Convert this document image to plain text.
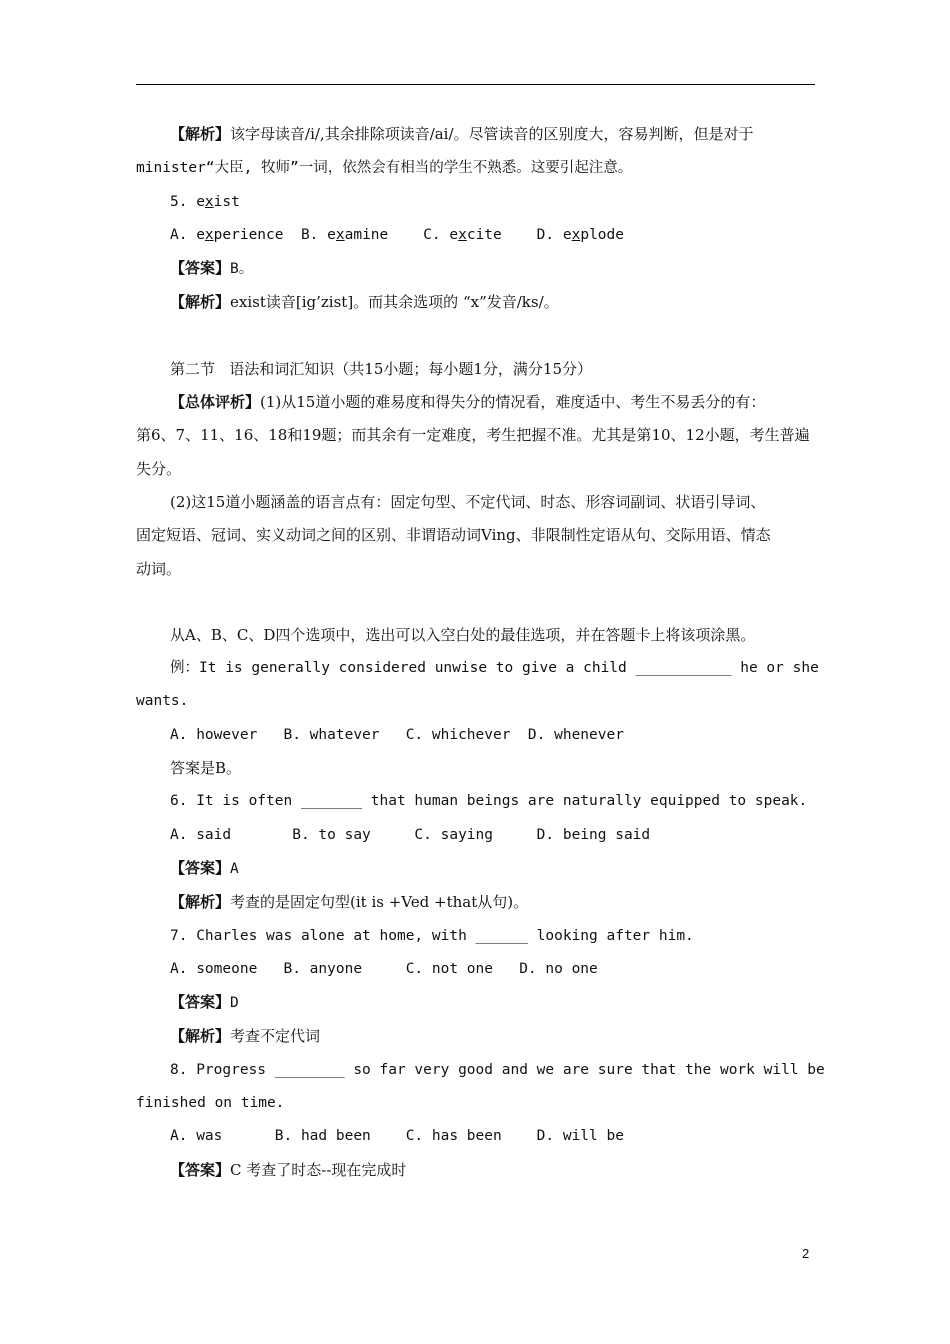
【解析】该字母读音/i/,其余排除项读音/ai/。尽管读音的区别度大，容易判断，但是对于
minister“大臣, 牧师”一词，依然会有相当的学生不熟悉。这要引起注意。
5. exist
A. experience  B. examine    C. excite    D. explode
【答案】B。
【解析】exist读音[ig’zist]。而其余选项的 “x”发音/ks/。
第二节   语法和词汇知识（共15小题；每小题1分，满分15分）
【总体评析】(1)从15道小题的难易度和得失分的情况看，难度适中、考生不易丢分的有：
第6、7、11、16、18和19题；而其余有一定难度，考生把握不准。尤其是第10、12小题，考生普遍
失分。
(2)这15道小题涵盖的语言点有：固定句型、不定代词、时态、形容词副词、状语引导词、
固定短语、冠词、实义动词之间的区别、非谓语动词Ving、非限制性定语从句、交际用语、情态
动词。
从A、B、C、D四个选项中，选出可以入空白处的最佳选项，并在答题卡上将该项涂黑。
例：It is generally considered unwise to give a child ___________ he or she
wants.
A. however   B. whatever   C. whichever  D. whenever
答案是B。
6. It is often _______ that human beings are naturally equipped to speak.
A. said       B. to say     C. saying     D. being said
【答案】A
【解析】考查的是固定句型(it is +Ved +that从句)。
7. Charles was alone at home, with ______ looking after him.
A. someone   B. anyone     C. not one   D. no one
【答案】D
【解析】考查不定代词
8. Progress ________ so far very good and we are sure that the work will be
finished on time.
A. was      B. had been    C. has been    D. will be
【答案】C 考查了时态--现在完成时
2
